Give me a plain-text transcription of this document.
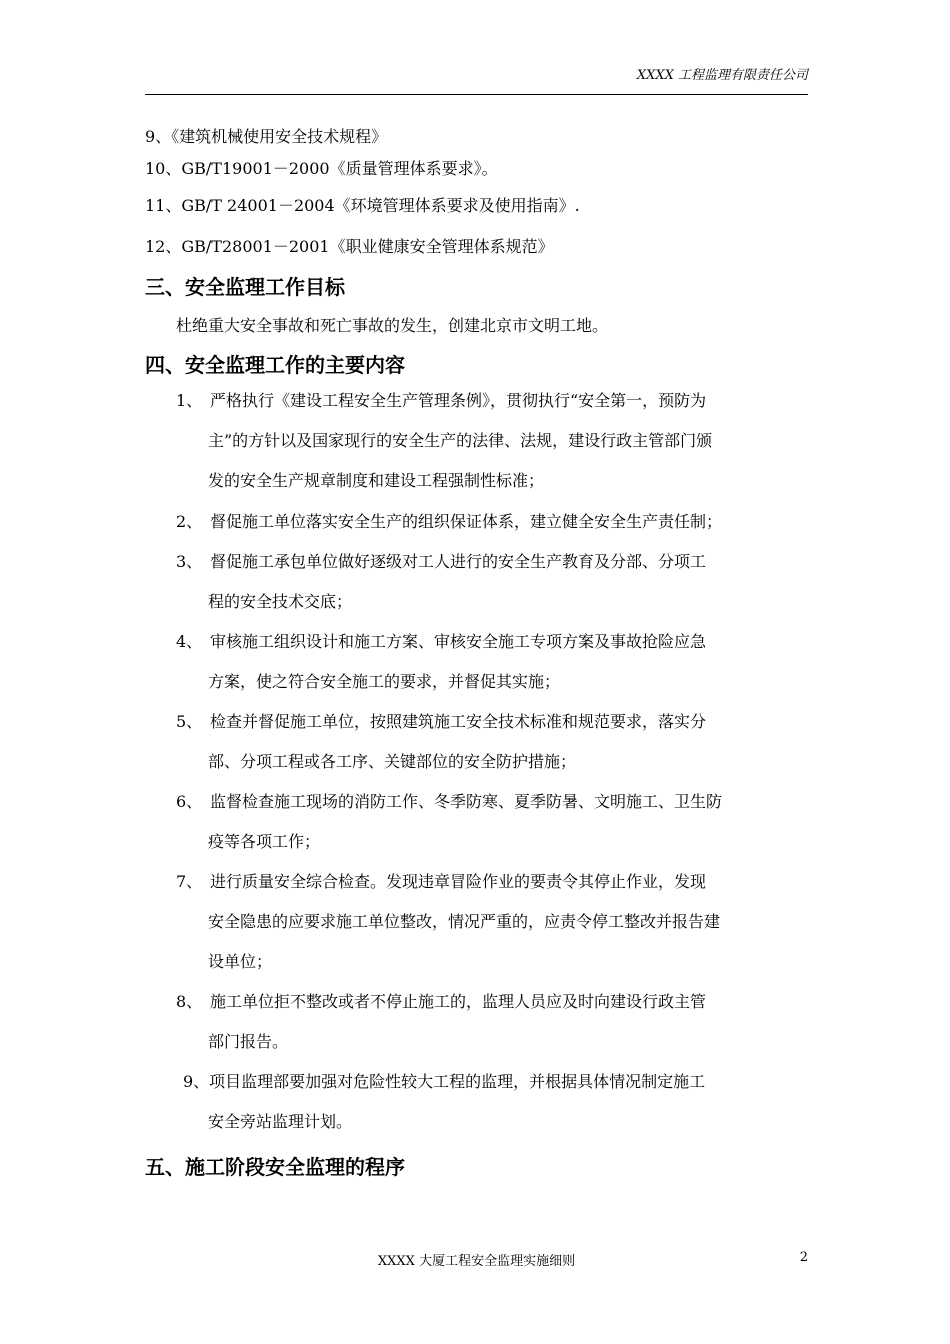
XXXX 工程监理有限责任公司
9、《建筑机械使用安全技术规程》
10、GB/T19001－2000《质量管理体系要求》。
11、GB/T 24001－2004《环境管理体系要求及使用指南》.
12、GB/T28001－2001《职业健康安全管理体系规范》
三、安全监理工作目标
杜绝重大安全事故和死亡事故的发生，创建北京市文明工地。
四、安全监理工作的主要内容
1、 严格执行《建设工程安全生产管理条例》，贯彻执行“安全第一，预防为
主”的方针以及国家现行的安全生产的法律、法规，建设行政主管部门颁
发的安全生产规章制度和建设工程强制性标准；
2、 督促施工单位落实安全生产的组织保证体系，建立健全安全生产责任制；
3、 督促施工承包单位做好逐级对工人进行的安全生产教育及分部、分项工
程的安全技术交底；
4、 审核施工组织设计和施工方案、审核安全施工专项方案及事故抢险应急
方案，使之符合安全施工的要求，并督促其实施；
5、 检查并督促施工单位，按照建筑施工安全技术标准和规范要求，落实分
部、分项工程或各工序、关键部位的安全防护措施；
6、 监督检查施工现场的消防工作、冬季防寒、夏季防暑、文明施工、卫生防
疫等各项工作；
7、 进行质量安全综合检查。发现违章冒险作业的要责令其停止作业，发现
安全隐患的应要求施工单位整改，情况严重的，应责令停工整改并报告建
设单位；
8、 施工单位拒不整改或者不停止施工的，监理人员应及时向建设行政主管
部门报告。
9、项目监理部要加强对危险性较大工程的监理，并根据具体情况制定施工
安全旁站监理计划。
五、施工阶段安全监理的程序
XXXX 大厦工程安全监理实施细则	2
